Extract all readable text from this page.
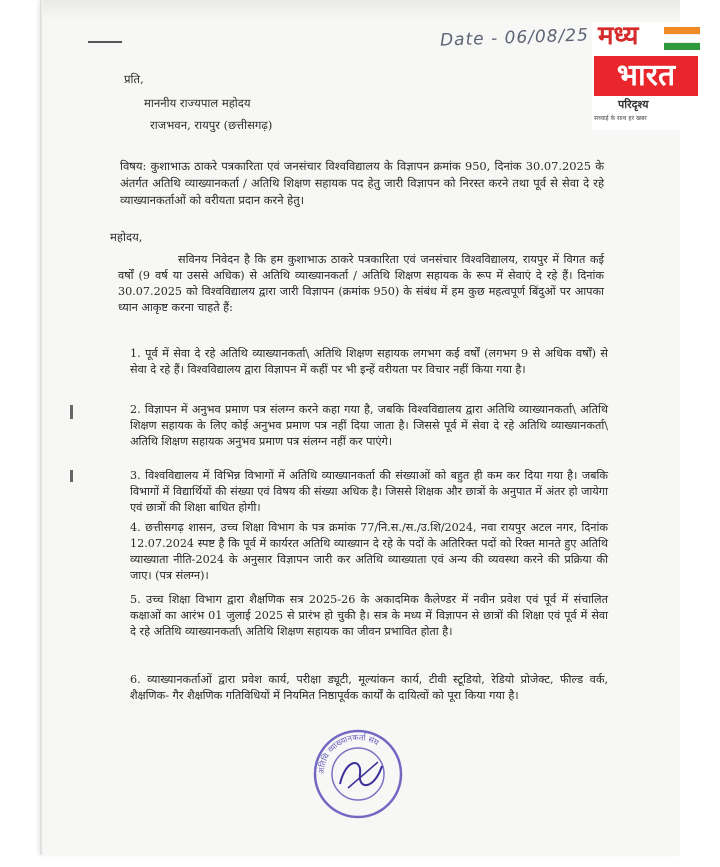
Date - 06/08/25 मध्य
भारत
परिदृश्य
सच्चाई के साथ हर खबर
प्रति,
माननीय राज्यपाल महोदय
राजभवन, रायपुर (छत्तीसगढ़)
विषय: कुशाभाऊ ठाकरे पत्रकारिता एवं जनसंचार विश्वविद्यालय के विज्ञापन क्रमांक 950, दिनांक 30.07.2025 के अंतर्गत अतिथि व्याख्यानकर्ता / अतिथि शिक्षण सहायक पद हेतु जारी विज्ञापन को निरस्त करने तथा पूर्व से सेवा दे रहे व्याख्यानकर्ताओं को वरीयता प्रदान करने हेतु।
महोदय,
सविनय निवेदन है कि हम कुशाभाऊ ठाकरे पत्रकारिता एवं जनसंचार विश्वविद्यालय, रायपुर में विगत कई वर्षों (9 वर्ष या उससे अधिक) से अतिथि व्याख्यानकर्ता / अतिथि शिक्षण सहायक के रूप में सेवाएं दे रहे हैं। दिनांक 30.07.2025 को विश्वविद्यालय द्वारा जारी विज्ञापन (क्रमांक 950) के संबंध में हम कुछ महत्वपूर्ण बिंदुओं पर आपका ध्यान आकृष्ट करना चाहते हैं:
1. पूर्व में सेवा दे रहे अतिथि व्याख्यानकर्ता\ अतिथि शिक्षण सहायक लगभग कई वर्षों (लगभग 9 से अधिक वर्षों) से सेवा दे रहे हैं। विश्वविद्यालय द्वारा विज्ञापन में कहीं पर भी इन्हें वरीयता पर विचार नहीं किया गया है।
2. विज्ञापन में अनुभव प्रमाण पत्र संलग्न करने कहा गया है, जबकि विश्वविद्यालय द्वारा अतिथि व्याख्यानकर्ता\ अतिथि शिक्षण सहायक के लिए कोई अनुभव प्रमाण पत्र नहीं दिया जाता है। जिससे पूर्व में सेवा दे रहे अतिथि व्याख्यानकर्ता\ अतिथि शिक्षण सहायक अनुभव प्रमाण पत्र संलग्न नहीं कर पाएंगे।
3. विश्वविद्यालय में विभिन्न विभागों में अतिथि व्याख्यानकर्ता की संख्याओं को बहुत ही कम कर दिया गया है। जबकि विभागों में विद्यार्थियों की संख्या एवं विषय की संख्या अधिक है। जिससे शिक्षक और छात्रों के अनुपात में अंतर हो जायेगा एवं छात्रों की शिक्षा बाधित होगी।
4. छत्तीसगढ़ शासन, उच्च शिक्षा विभाग के पत्र क्रमांक 77/नि.स./स./उ.शि/2024, नवा रायपुर अटल नगर, दिनांक 12.07.2024 स्पष्ट है कि पूर्व में कार्यरत अतिथि व्याख्यान दे रहे के पदों के अतिरिक्त पदों को रिक्त मानते हुए अतिथि व्याख्याता नीति-2024 के अनुसार विज्ञापन जारी कर अतिथि व्याख्याता एवं अन्य की व्यवस्था करने की प्रक्रिया की जाए। (पत्र संलग्न)।
5. उच्च शिक्षा विभाग द्वारा शैक्षणिक सत्र 2025-26 के अकादमिक कैलेण्डर में नवीन प्रवेश एवं पूर्व में संचालित कक्षाओं का आरंभ 01 जुलाई 2025 से प्रारंभ हो चुकी है। सत्र के मध्य में विज्ञापन से छात्रों की शिक्षा एवं पूर्व में सेवा दे रहे अतिथि व्याख्यानकर्ता\ अतिथि शिक्षण सहायक का जीवन प्रभावित होता है।
6. व्याख्यानकर्ताओं द्वारा प्रवेश कार्य, परीक्षा ड्यूटी, मूल्यांकन कार्य, टीवी स्टूडियो, रेडियो प्रोजेक्ट, फील्ड वर्क, शैक्षणिक- गैर शैक्षणिक गतिविधियों में नियमित निष्ठापूर्वक कार्यों के दायित्वों को पूरा किया गया है।
अतिथि व्याख्यानकर्ता संघ
